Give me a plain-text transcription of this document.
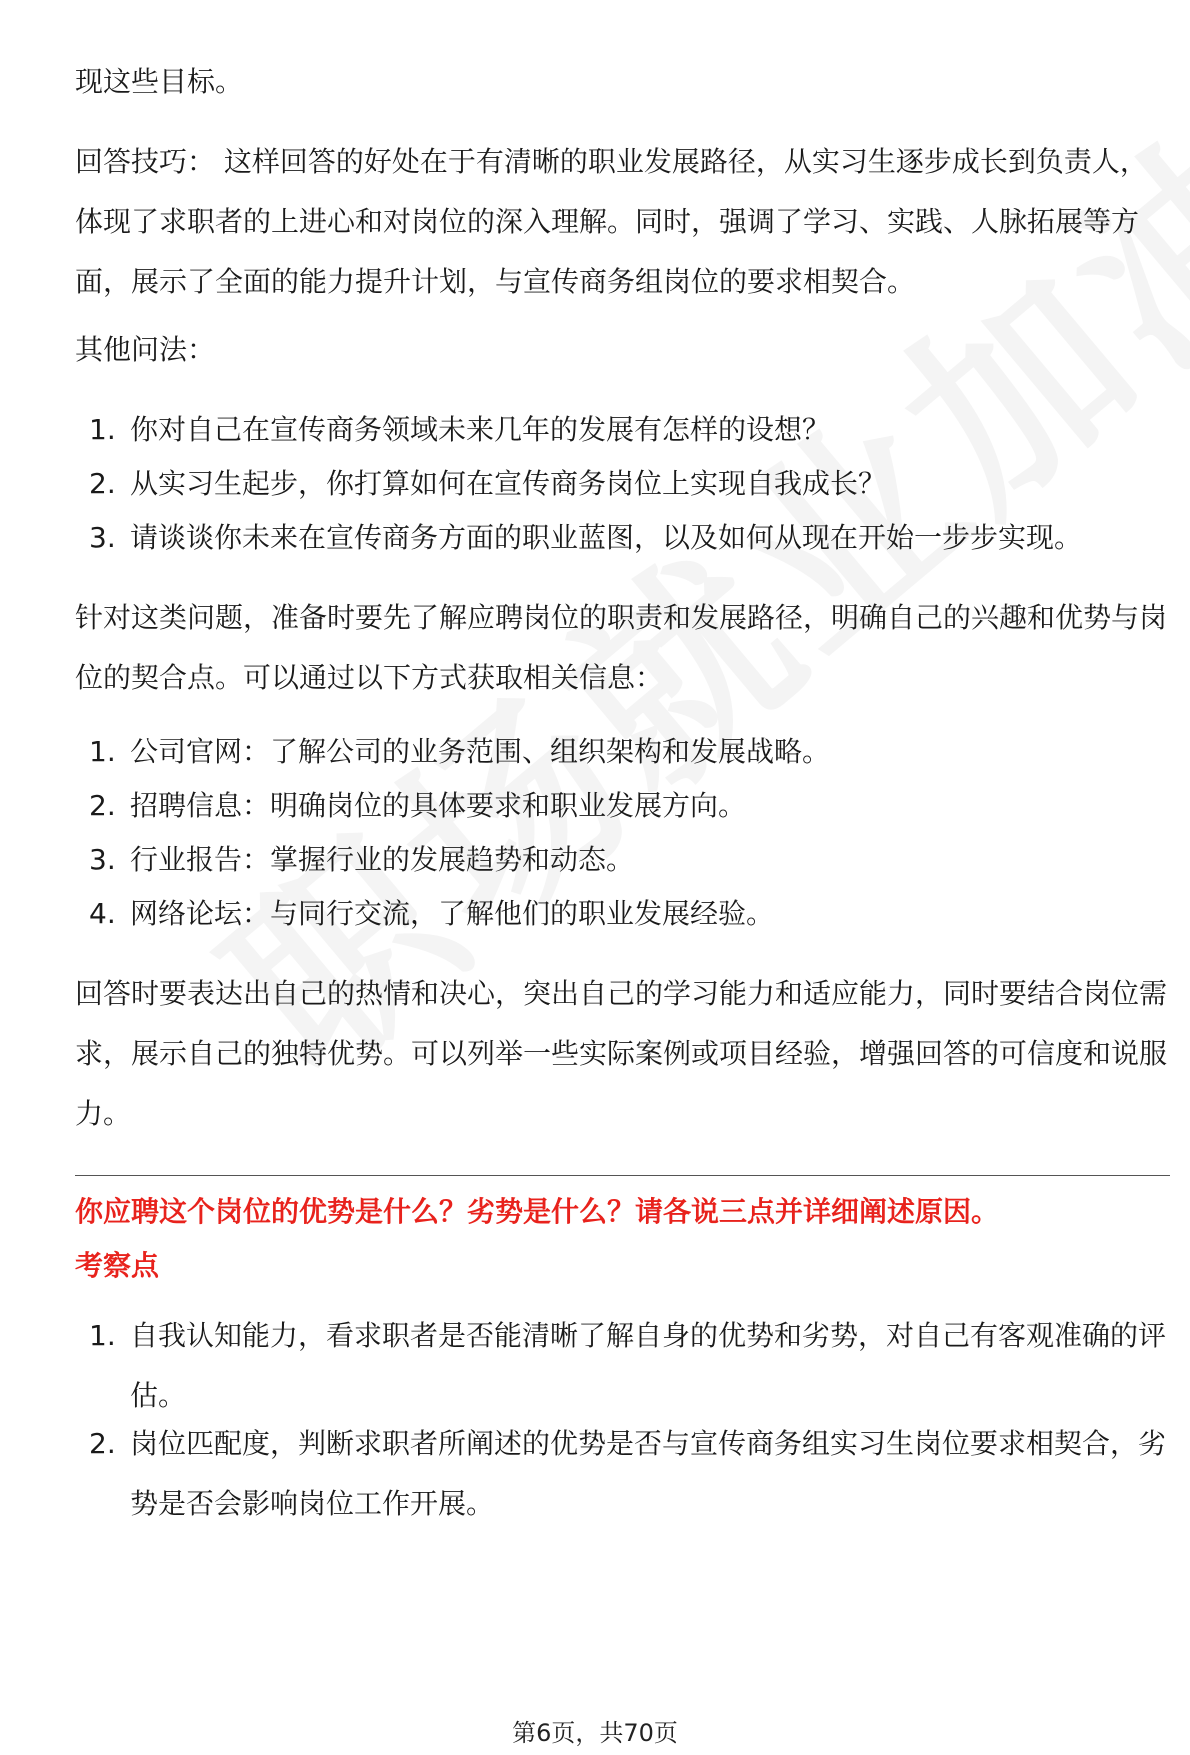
现这些目标。

回答技巧： 这样回答的好处在于有清晰的职业发展路径，从实习生逐步成长到负责人，体现了求职者的上进心和对岗位的深入理解。同时，强调了学习、实践、人脉拓展等方面，展示了全面的能力提升计划，与宣传商务组岗位的要求相契合。

其他问法：

1. 你对自己在宣传商务领域未来几年的发展有怎样的设想？
2. 从实习生起步，你打算如何在宣传商务岗位上实现自我成长？
3. 请谈谈你未来在宣传商务方面的职业蓝图，以及如何从现在开始一步步实现。

针对这类问题，准备时要先了解应聘岗位的职责和发展路径，明确自己的兴趣和优势与岗位的契合点。可以通过以下方式获取相关信息：

1. 公司官网：了解公司的业务范围、组织架构和发展战略。
2. 招聘信息：明确岗位的具体要求和职业发展方向。
3. 行业报告：掌握行业的发展趋势和动态。
4. 网络论坛：与同行交流，了解他们的职业发展经验。

回答时要表达出自己的热情和决心，突出自己的学习能力和适应能力，同时要结合岗位需求，展示自己的独特优势。可以列举一些实际案例或项目经验，增强回答的可信度和说服力。

你应聘这个岗位的优势是什么？劣势是什么？请各说三点并详细阐述原因。

考察点

1. 自我认知能力，看求职者是否能清晰了解自身的优势和劣势，对自己有客观准确的评估。
2. 岗位匹配度，判断求职者所阐述的优势是否与宣传商务组实习生岗位要求相契合，劣势是否会影响岗位工作开展。
第6页，共70页
